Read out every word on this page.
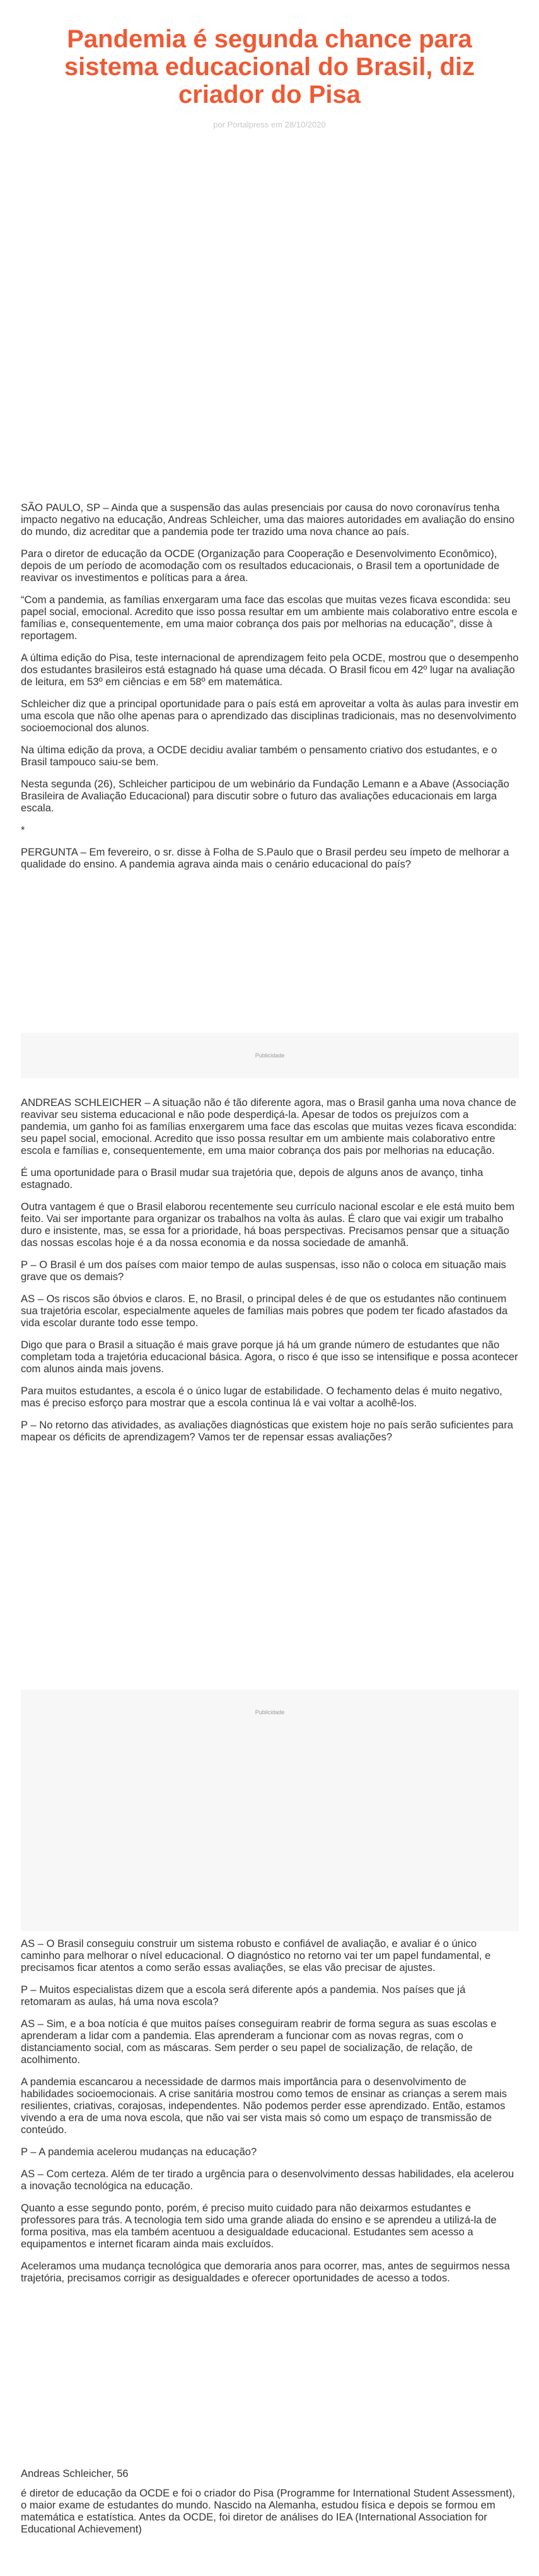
Pandemia é segunda chance para sistema educacional do Brasil, diz criador do Pisa
por Portalpress em 28/10/2020

SÃO PAULO, SP – Ainda que a suspensão das aulas presenciais por causa do novo coronavírus tenha impacto negativo na educação, Andreas Schleicher, uma das maiores autoridades em avaliação do ensino do mundo, diz acreditar que a pandemia pode ter trazido uma nova chance ao país.

Para o diretor de educação da OCDE (Organização para Cooperação e Desenvolvimento Econômico), depois de um período de acomodação com os resultados educacionais, o Brasil tem a oportunidade de reavivar os investimentos e políticas para a área.

“Com a pandemia, as famílias enxergaram uma face das escolas que muitas vezes ficava escondida: seu papel social, emocional. Acredito que isso possa resultar em um ambiente mais colaborativo entre escola e famílias e, consequentemente, em uma maior cobrança dos pais por melhorias na educação”, disse à reportagem.

A última edição do Pisa, teste internacional de aprendizagem feito pela OCDE, mostrou que o desempenho dos estudantes brasileiros está estagnado há quase uma década. O Brasil ficou em 42º lugar na avaliação de leitura, em 53º em ciências e em 58º em matemática.

Schleicher diz que a principal oportunidade para o país está em aproveitar a volta às aulas para investir em uma escola que não olhe apenas para o aprendizado das disciplinas tradicionais, mas no desenvolvimento socioemocional dos alunos.

Na última edição da prova, a OCDE decidiu avaliar também o pensamento criativo dos estudantes, e o Brasil tampouco saiu-se bem.

Nesta segunda (26), Schleicher participou de um webinário da Fundação Lemann e a Abave (Associação Brasileira de Avaliação Educacional) para discutir sobre o futuro das avaliações educacionais em larga escala.

*

PERGUNTA – Em fevereiro, o sr. disse à Folha de S.Paulo que o Brasil perdeu seu ímpeto de melhorar a qualidade do ensino. A pandemia agrava ainda mais o cenário educacional do país?

Publicidade

ANDREAS SCHLEICHER – A situação não é tão diferente agora, mas o Brasil ganha uma nova chance de reavivar seu sistema educacional e não pode desperdiçá-la. Apesar de todos os prejuízos com a pandemia, um ganho foi as famílias enxergarem uma face das escolas que muitas vezes ficava escondida: seu papel social, emocional. Acredito que isso possa resultar em um ambiente mais colaborativo entre escola e famílias e, consequentemente, em uma maior cobrança dos pais por melhorias na educação.

É uma oportunidade para o Brasil mudar sua trajetória que, depois de alguns anos de avanço, tinha estagnado.

Outra vantagem é que o Brasil elaborou recentemente seu currículo nacional escolar e ele está muito bem feito. Vai ser importante para organizar os trabalhos na volta às aulas. É claro que vai exigir um trabalho duro e insistente, mas, se essa for a prioridade, há boas perspectivas. Precisamos pensar que a situação das nossas escolas hoje é a da nossa economia e da nossa sociedade de amanhã.

P – O Brasil é um dos países com maior tempo de aulas suspensas, isso não o coloca em situação mais grave que os demais?

AS – Os riscos são óbvios e claros. E, no Brasil, o principal deles é de que os estudantes não continuem sua trajetória escolar, especialmente aqueles de famílias mais pobres que podem ter ficado afastados da vida escolar durante todo esse tempo.

Digo que para o Brasil a situação é mais grave porque já há um grande número de estudantes que não completam toda a trajetória educacional básica. Agora, o risco é que isso se intensifique e possa acontecer com alunos ainda mais jovens.

Para muitos estudantes, a escola é o único lugar de estabilidade. O fechamento delas é muito negativo, mas é preciso esforço para mostrar que a escola continua lá e vai voltar a acolhê-los.

P – No retorno das atividades, as avaliações diagnósticas que existem hoje no país serão suficientes para mapear os déficits de aprendizagem? Vamos ter de repensar essas avaliações?

Publicidade

AS – O Brasil conseguiu construir um sistema robusto e confiável de avaliação, e avaliar é o único caminho para melhorar o nível educacional. O diagnóstico no retorno vai ter um papel fundamental, e precisamos ficar atentos a como serão essas avaliações, se elas vão precisar de ajustes.

P – Muitos especialistas dizem que a escola será diferente após a pandemia. Nos países que já retomaram as aulas, há uma nova escola?

AS – Sim, e a boa notícia é que muitos países conseguiram reabrir de forma segura as suas escolas e aprenderam a lidar com a pandemia. Elas aprenderam a funcionar com as novas regras, com o distanciamento social, com as máscaras. Sem perder o seu papel de socialização, de relação, de acolhimento.

A pandemia escancarou a necessidade de darmos mais importância para o desenvolvimento de habilidades socioemocionais. A crise sanitária mostrou como temos de ensinar as crianças a serem mais resilientes, criativas, corajosas, independentes. Não podemos perder esse aprendizado. Então, estamos vivendo a era de uma nova escola, que não vai ser vista mais só como um espaço de transmissão de conteúdo.

P – A pandemia acelerou mudanças na educação?

AS – Com certeza. Além de ter tirado a urgência para o desenvolvimento dessas habilidades, ela acelerou a inovação tecnológica na educação.

Quanto a esse segundo ponto, porém, é preciso muito cuidado para não deixarmos estudantes e professores para trás. A tecnologia tem sido uma grande aliada do ensino e se aprendeu a utilizá-la de forma positiva, mas ela também acentuou a desigualdade educacional. Estudantes sem acesso a equipamentos e internet ficaram ainda mais excluídos.

Aceleramos uma mudança tecnológica que demoraria anos para ocorrer, mas, antes de seguirmos nessa trajetória, precisamos corrigir as desigualdades e oferecer oportunidades de acesso a todos.

Andreas Schleicher, 56

é diretor de educação da OCDE e foi o criador do Pisa (Programme for International Student Assessment), o maior exame de estudantes do mundo. Nascido na Alemanha, estudou física e depois se formou em matemática e estatística. Antes da OCDE, foi diretor de análises do IEA (International Association for Educational Achievement)
